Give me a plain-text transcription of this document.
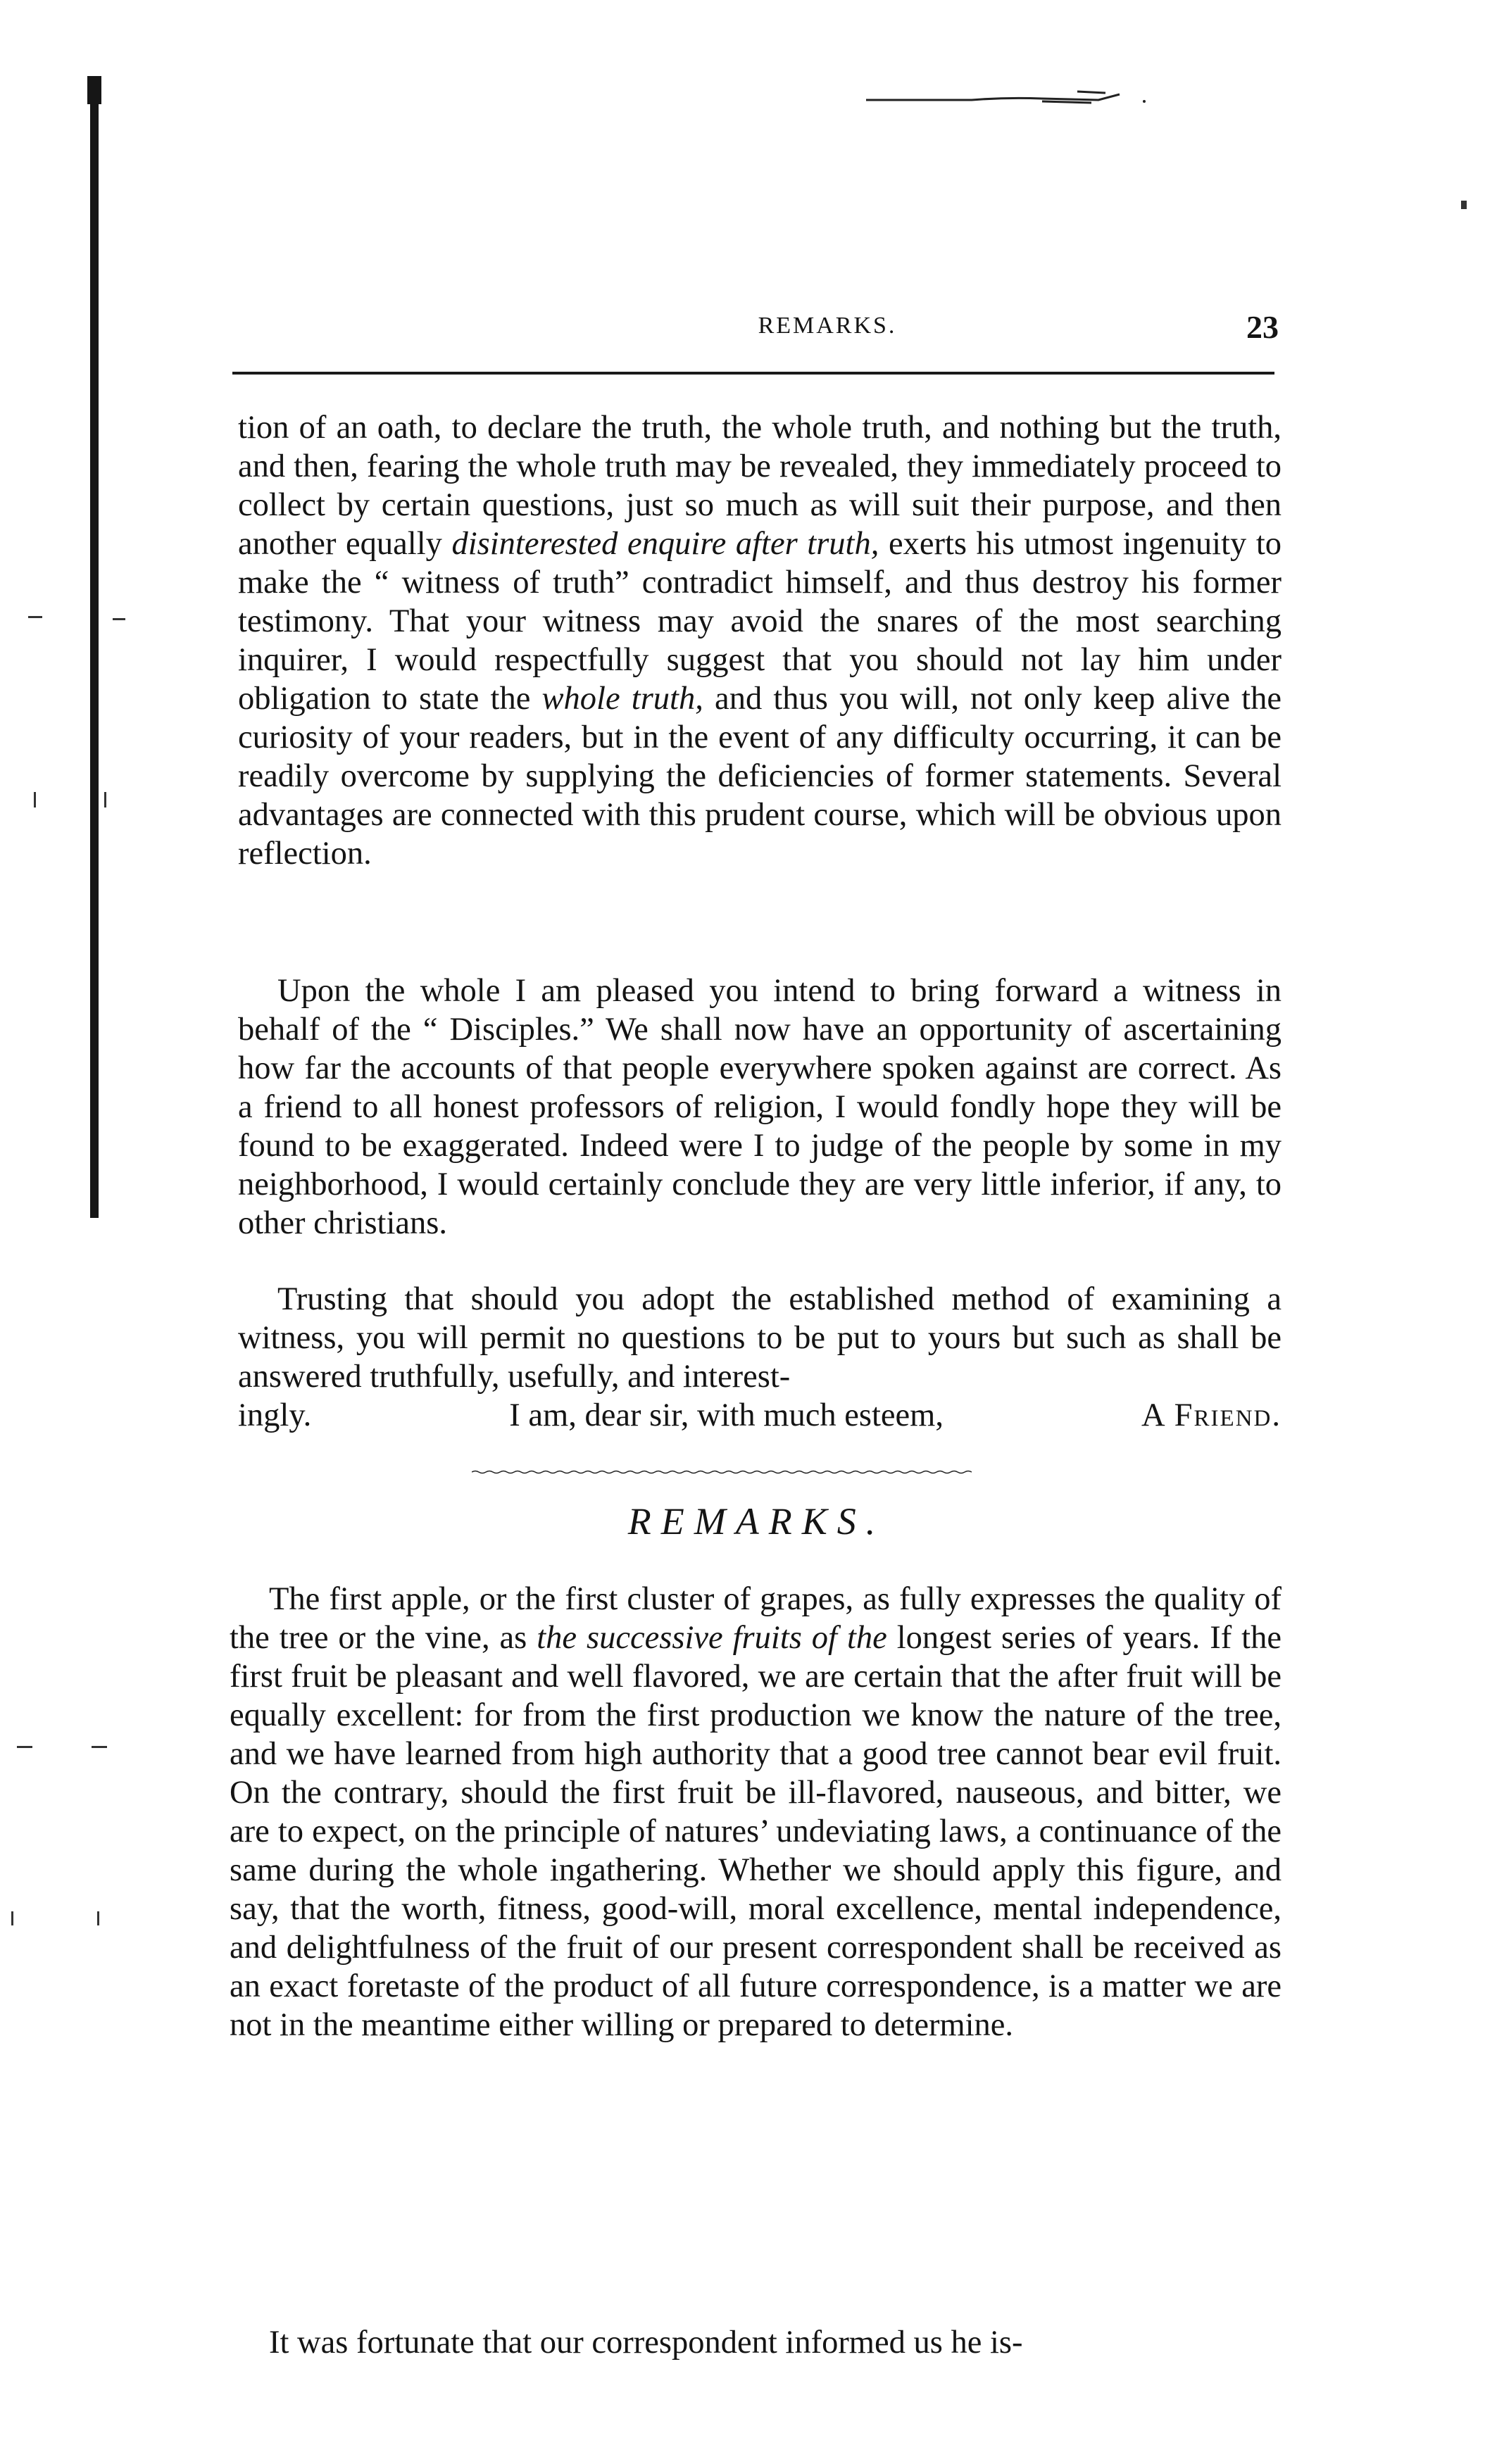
REMARKS.	23

tion of an oath, to declare the truth, the whole truth, and nothing but the truth, and then, fearing the whole truth may be revealed, they immediately proceed to collect by certain questions, just so much as will suit their purpose, and then another equally disinterested enquire after truth, exerts his utmost ingenuity to make the “ witness of truth” contradict himself, and thus destroy his former testimony. That your witness may avoid the snares of the most searching inquirer, I would respectfully suggest that you should not lay him under obligation to state the whole truth, and thus you will, not only keep alive the curiosity of your readers, but in the event of any difficulty occurring, it can be readily overcome by supplying the deficiencies of former statements. Several advantages are connected with this prudent course, which will be obvious upon reflection.

Upon the whole I am pleased you intend to bring forward a witness in behalf of the “ Disciples.” We shall now have an opportunity of ascertaining how far the accounts of that people everywhere spoken against are correct. As a friend to all honest professors of religion, I would fondly hope they will be found to be exaggerated. Indeed were I to judge of the people by some in my neighborhood, I would certainly conclude they are very little inferior, if any, to other christians.

Trusting that should you adopt the established method of examining a witness, you will permit no questions to be put to yours but such as shall be answered truthfully, usefully, and interest-

ingly.	I am, dear sir, with much esteem,	A Friend.
REMARKS.

The first apple, or the first cluster of grapes, as fully expresses the quality of the tree or the vine, as the successive fruits of the longest series of years. If the first fruit be pleasant and well flavored, we are certain that the after fruit will be equally excellent: for from the first production we know the nature of the tree, and we have learned from high authority that a good tree cannot bear evil fruit. On the contrary, should the first fruit be ill-flavored, nauseous, and bitter, we are to expect, on the principle of natures’ undeviating laws, a continuance of the same during the whole ingathering. Whether we should apply this figure, and say, that the worth, fitness, good-will, moral excellence, mental independence, and delightfulness of the fruit of our present correspondent shall be received as an exact foretaste of the product of all future correspondence, is a matter we are not in the meantime either willing or prepared to determine.

It was fortunate that our correspondent informed us he is-
